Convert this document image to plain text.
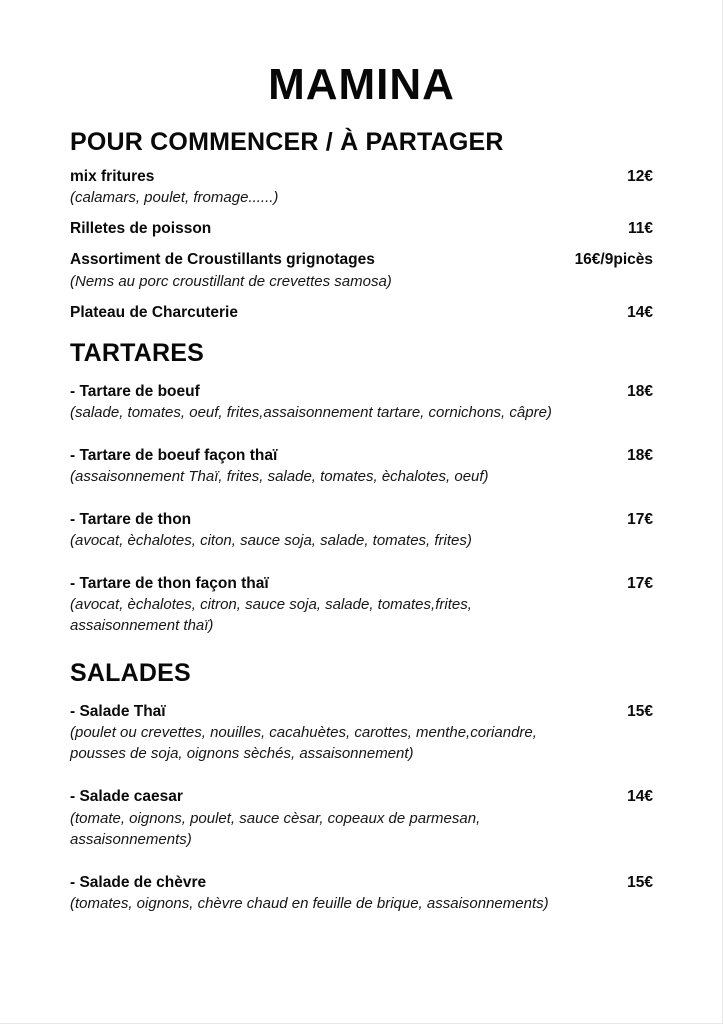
MAMINA
POUR COMMENCER / À PARTAGER
mix fritures
(calamars, poulet, fromage......)
12€
Rilletes de poisson	11€
Assortiment de Croustillants grignotages
(Nems au porc croustillant de crevettes samosa)
16€/9picès
Plateau de Charcuterie	14€
TARTARES
- Tartare de boeuf
(salade, tomates, oeuf, frites,assaisonnement tartare, cornichons, câpre)
18€
- Tartare de boeuf façon thaï
(assaisonnement Thaï, frites, salade, tomates, èchalotes, oeuf)
18€
- Tartare de thon
(avocat, èchalotes, citon, sauce soja, salade, tomates, frites)
17€
- Tartare de thon façon thaï
(avocat, èchalotes, citron, sauce soja, salade, tomates,frites, assaisonnement thaï)
17€
SALADES
- Salade Thaï
(poulet ou crevettes, nouilles, cacahuètes, carottes, menthe,coriandre, pousses de soja, oignons sèchés, assaisonnement)
15€
- Salade caesar
(tomate, oignons, poulet, sauce cèsar, copeaux de parmesan, assaisonnements)
14€
- Salade de chèvre
(tomates, oignons, chèvre chaud en feuille de brique, assaisonnements)
15€
